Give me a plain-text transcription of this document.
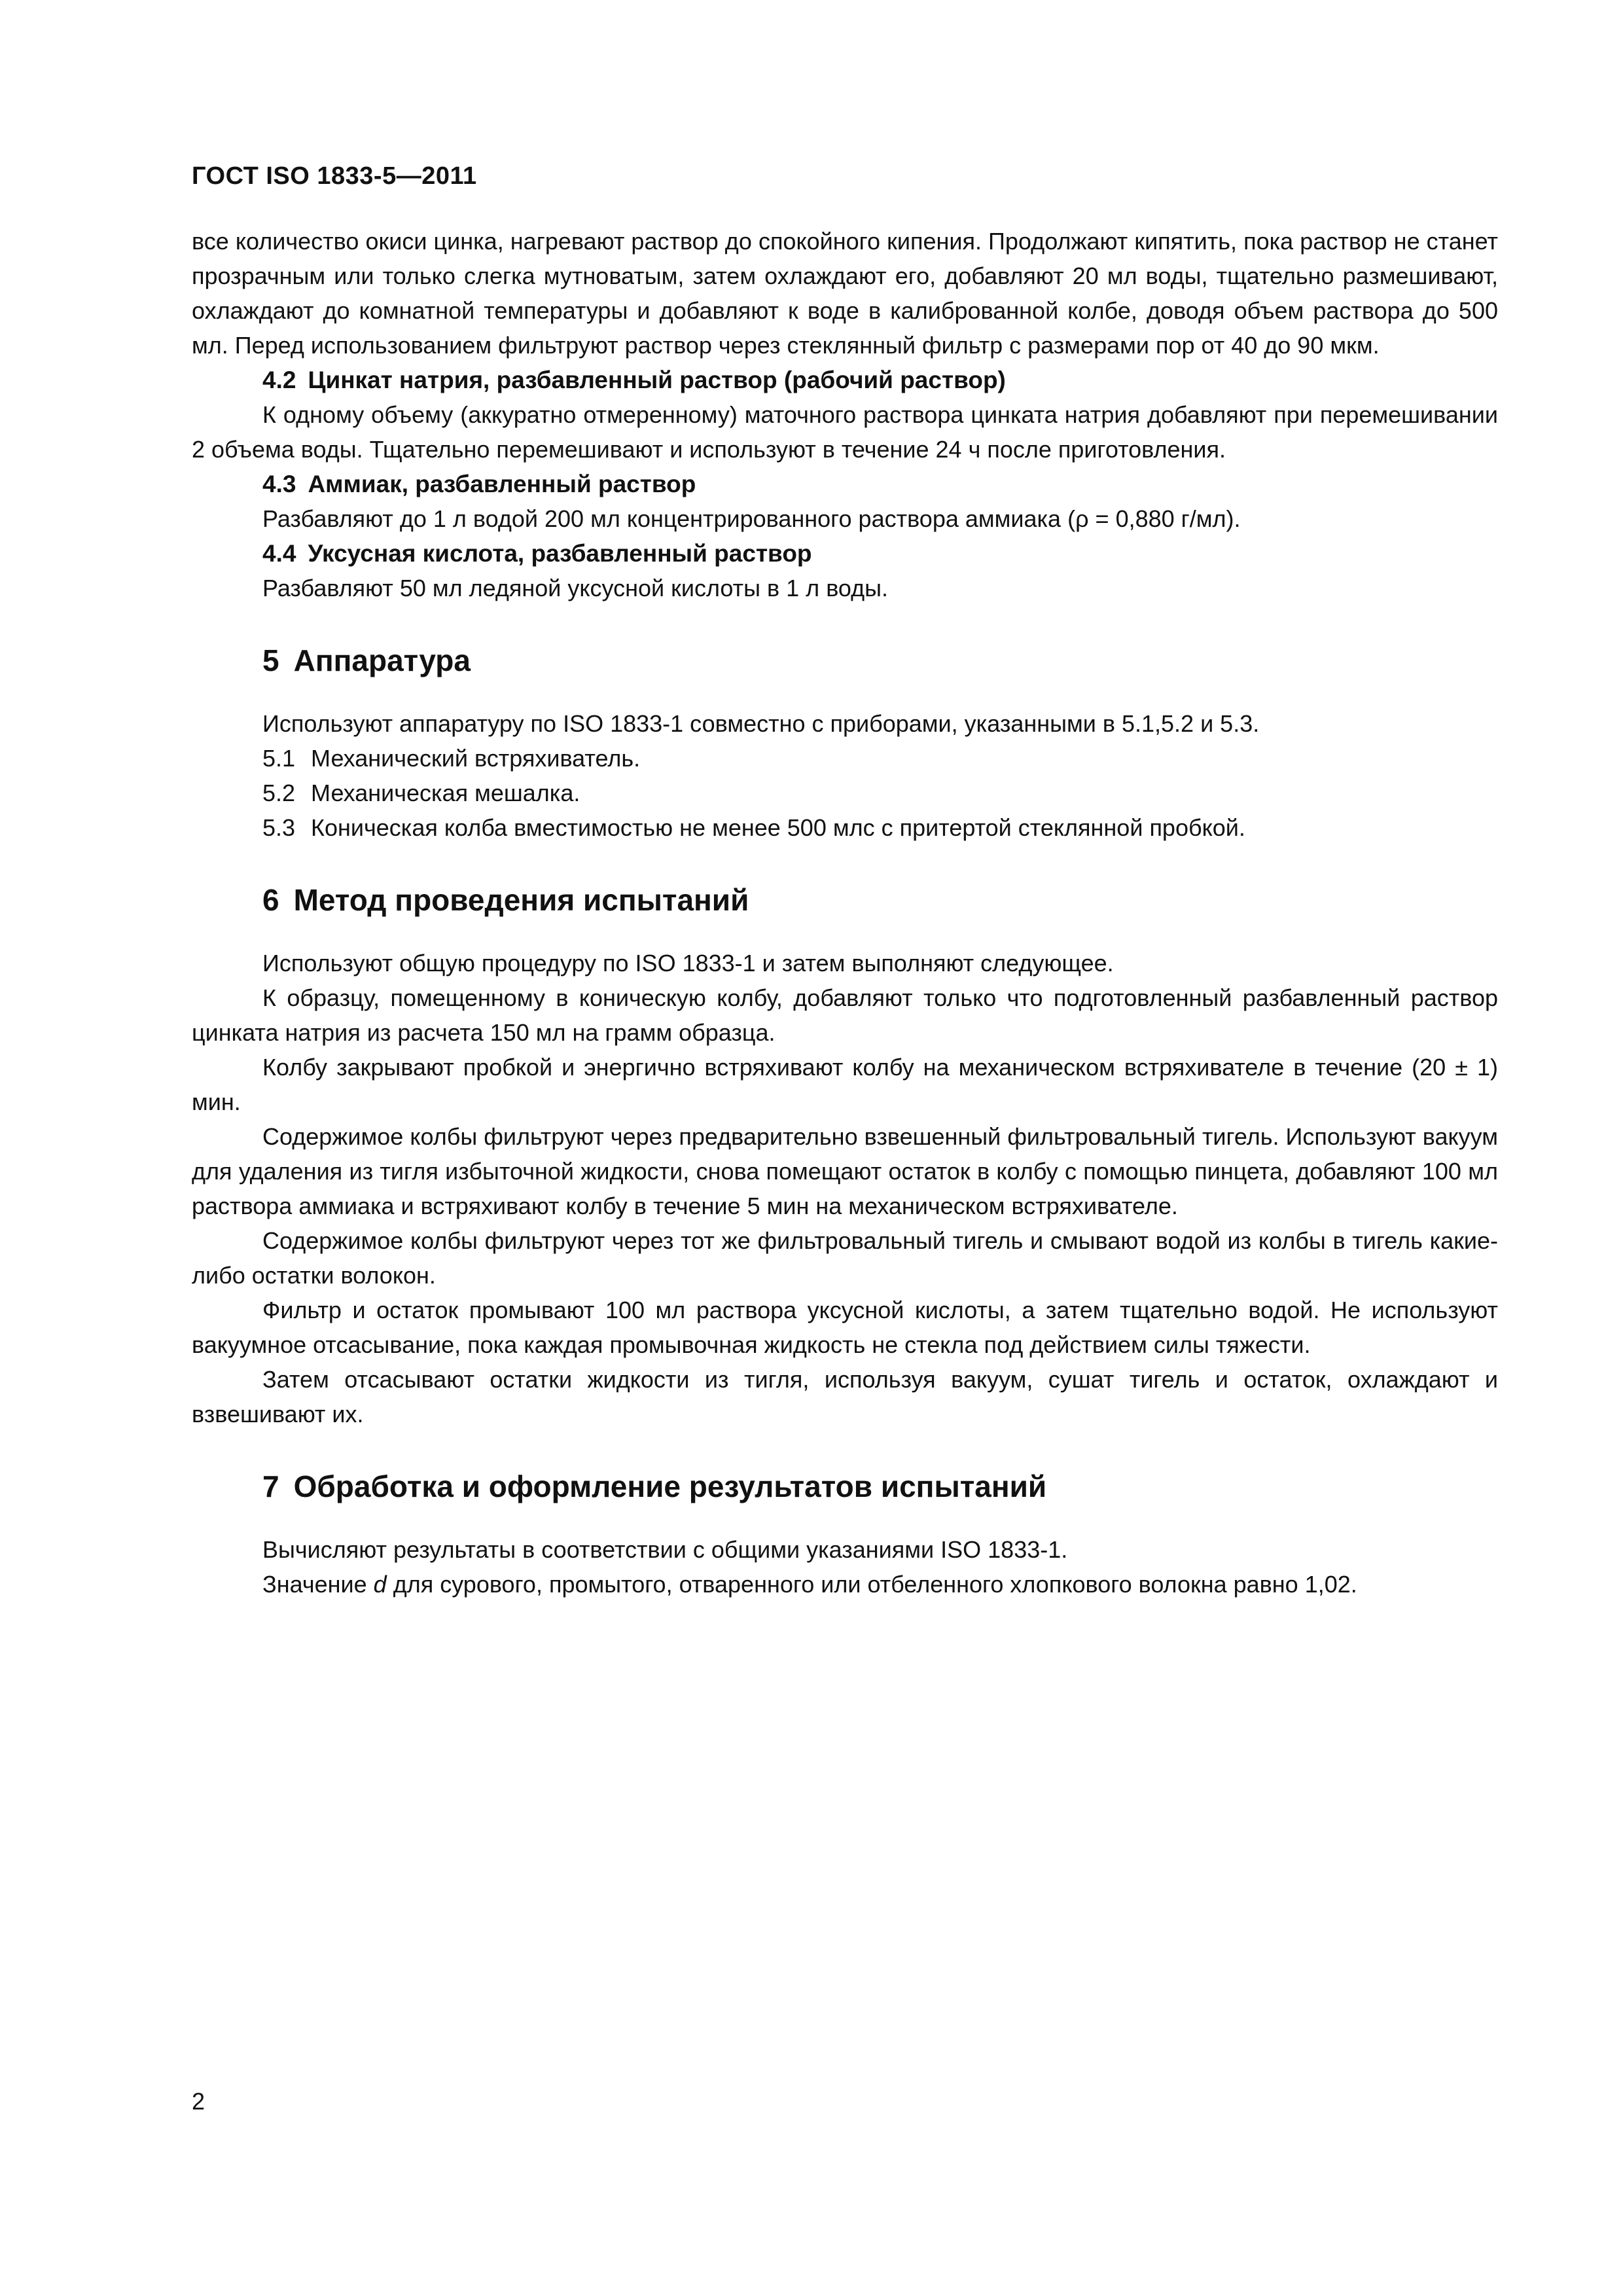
ГОСТ ISO 1833-5—2011

все количество окиси цинка, нагревают раствор до спокойного кипения. Продолжают кипятить, пока раствор не станет прозрачным или только слегка мутноватым, затем охлаждают его, добавляют 20 мл воды, тщательно размешивают, охлаждают до комнатной температуры и добавляют к воде в калиброванной колбе, доводя объем раствора до 500 мл. Перед использованием фильтруют раствор через стеклянный фильтр с размерами пор от 40 до 90 мкм.

4.2 Цинкат натрия, разбавленный раствор (рабочий раствор)

К одному объему (аккуратно отмеренному) маточного раствора цинката натрия добавляют при перемешивании 2 объема воды. Тщательно перемешивают и используют в течение 24 ч после приготовления.

4.3 Аммиак, разбавленный раствор

Разбавляют до 1 л водой 200 мл концентрированного раствора аммиака (ρ = 0,880 г/мл).

4.4 Уксусная кислота, разбавленный раствор

Разбавляют 50 мл ледяной уксусной кислоты в 1 л воды.

5 Аппаратура

Используют аппаратуру по ISO 1833-1 совместно с приборами, указанными в 5.1,5.2 и 5.3.

5.1 Механический встряхиватель.
5.2 Механическая мешалка.
5.3 Коническая колба вместимостью не менее 500 млс с притертой стеклянной пробкой.
6 Метод проведения испытаний

Используют общую процедуру по ISO 1833-1 и затем выполняют следующее.

К образцу, помещенному в коническую колбу, добавляют только что подготовленный разбавленный раствор цинката натрия из расчета 150 мл на грамм образца.

Колбу закрывают пробкой и энергично встряхивают колбу на механическом встряхивателе в течение (20 ± 1) мин.

Содержимое колбы фильтруют через предварительно взвешенный фильтровальный тигель. Используют вакуум для удаления из тигля избыточной жидкости, снова помещают остаток в колбу с помощью пинцета, добавляют 100 мл раствора аммиака и встряхивают колбу в течение 5 мин на механическом встряхивателе.

Содержимое колбы фильтруют через тот же фильтровальный тигель и смывают водой из колбы в тигель какие-либо остатки волокон.

Фильтр и остаток промывают 100 мл раствора уксусной кислоты, а затем тщательно водой. Не используют вакуумное отсасывание, пока каждая промывочная жидкость не стекла под действием силы тяжести.

Затем отсасывают остатки жидкости из тигля, используя вакуум, сушат тигель и остаток, охлаждают и взвешивают их.

7 Обработка и оформление результатов испытаний

Вычисляют результаты в соответствии с общими указаниями ISO 1833-1.

Значение d для сурового, промытого, отваренного или отбеленного хлопкового волокна равно 1,02.

2
